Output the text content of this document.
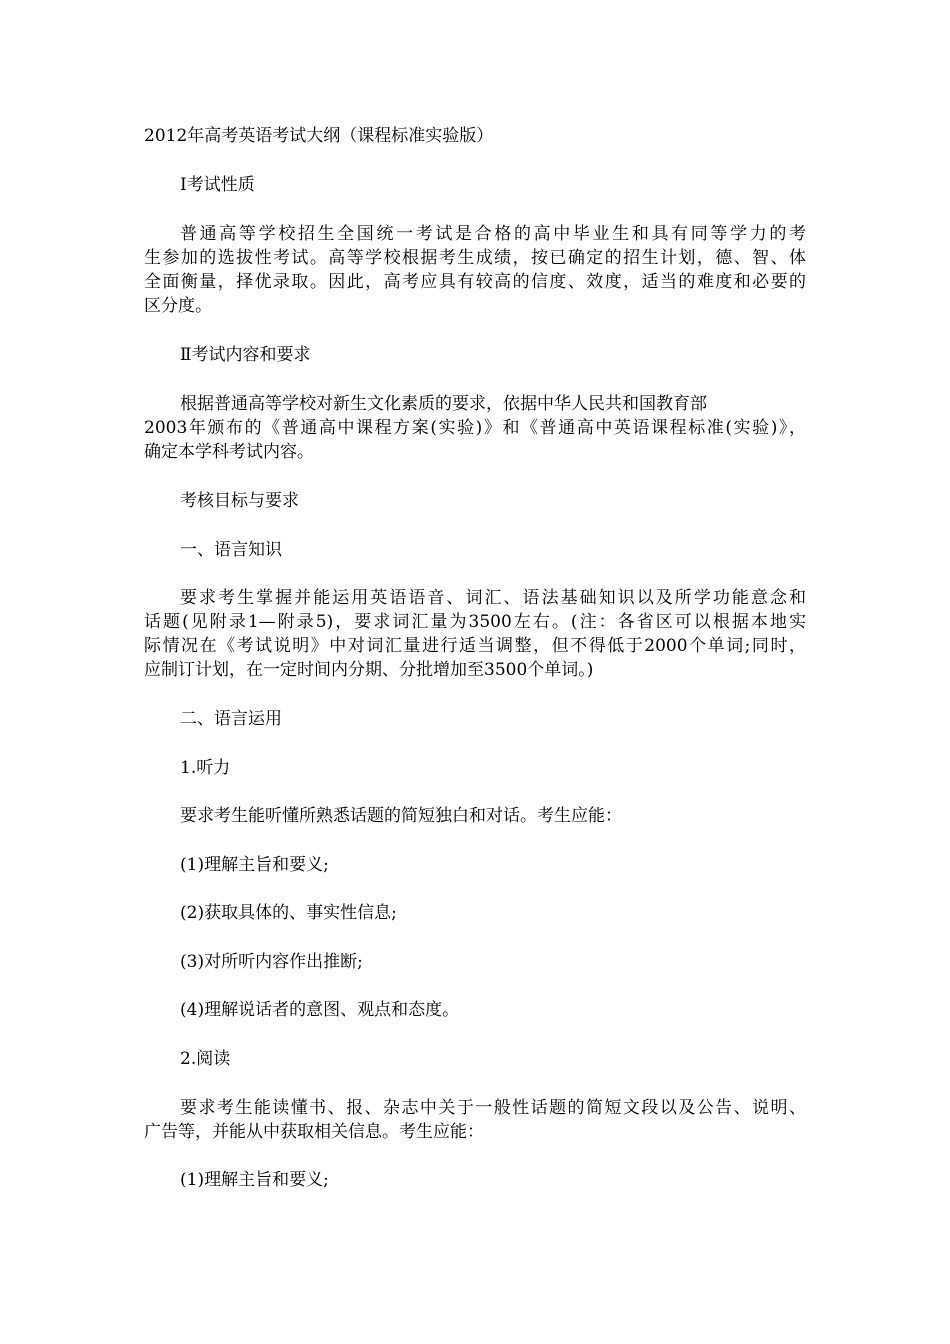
2012年高考英语考试大纲（课程标准实验版）
Ⅰ考试性质
普通高等学校招生全国统一考试是合格的高中毕业生和具有同等学力的考
生参加的选拔性考试。高等学校根据考生成绩，按已确定的招生计划，德、智、体
全面衡量，择优录取。因此，高考应具有较高的信度、效度，适当的难度和必要的
区分度。
Ⅱ考试内容和要求
根据普通高等学校对新生文化素质的要求，依据中华人民共和国教育部
2003年颁布的《普通高中课程方案(实验)》和《普通高中英语课程标准(实验)》，
确定本学科考试内容。
考核目标与要求
一、语言知识
要求考生掌握并能运用英语语音、词汇、语法基础知识以及所学功能意念和
话题(见附录1—附录5)，要求词汇量为3500左右。(注：各省区可以根据本地实
际情况在《考试说明》中对词汇量进行适当调整，但不得低于2000个单词;同时，
应制订计划，在一定时间内分期、分批增加至3500个单词。)
二、语言运用
1.听力
要求考生能听懂所熟悉话题的简短独白和对话。考生应能：
(1)理解主旨和要义;
(2)获取具体的、事实性信息;
(3)对所听内容作出推断;
(4)理解说话者的意图、观点和态度。
2.阅读
要求考生能读懂书、报、杂志中关于一般性话题的简短文段以及公告、说明、
广告等，并能从中获取相关信息。考生应能：
(1)理解主旨和要义;
